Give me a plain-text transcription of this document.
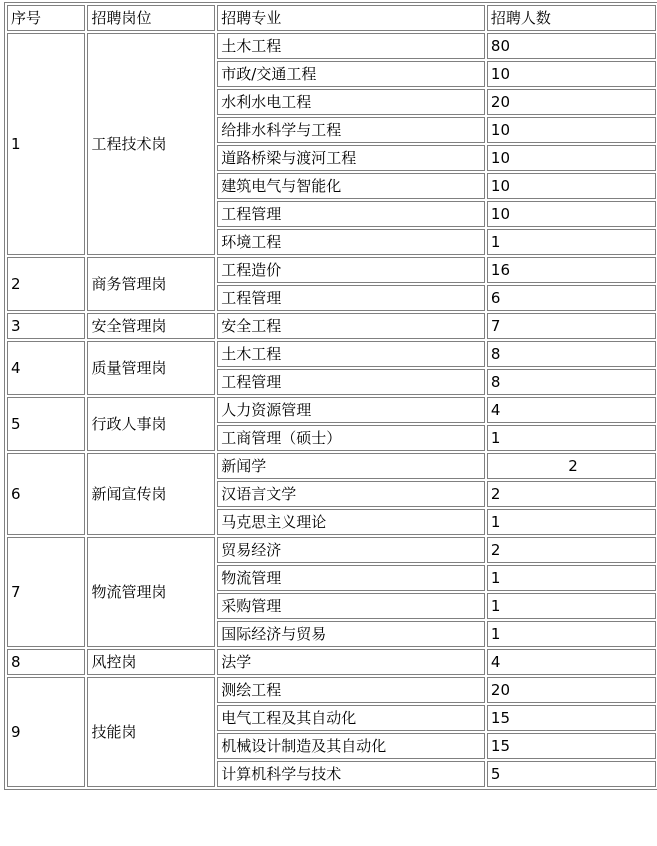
序号	招聘岗位	招聘专业	招聘人数
1	工程技术岗	土木工程	80
		市政/交通工程	10
		水利水电工程	20
		给排水科学与工程	10
		道路桥梁与渡河工程	10
		建筑电气与智能化	10
		工程管理	10
		环境工程	1
2	商务管理岗	工程造价	16
		工程管理	6
3	安全管理岗	安全工程	7
4	质量管理岗	土木工程	8
		工程管理	8
5	行政人事岗	人力资源管理	4
		工商管理（硕士）	1
6	新闻宣传岗	新闻学	2
		汉语言文学	2
		马克思主义理论	1
7	物流管理岗	贸易经济	2
		物流管理	1
		采购管理	1
		国际经济与贸易	1
8	风控岗	法学	4
9	技能岗	测绘工程	20
		电气工程及其自动化	15
		机械设计制造及其自动化	15
		计算机科学与技术	5
